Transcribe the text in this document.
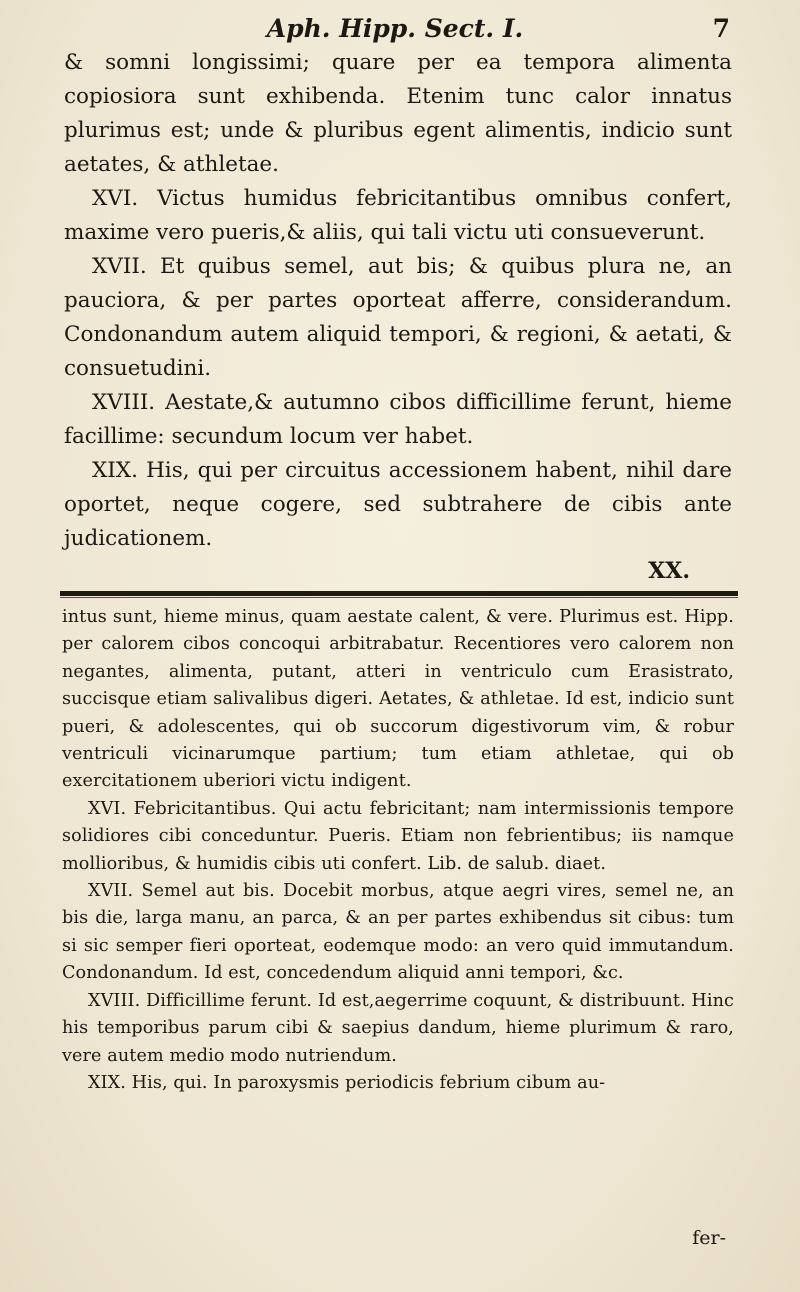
Aph. Hipp. Sect. I.	7

& somni longissimi; quare per ea tempora alimenta copiosiora sunt exhibenda. Etenim tunc calor innatus plurimus est; unde & pluribus egent alimentis, indicio sunt aetates, & athletae.

XVI. Victus humidus febricitantibus omnibus confert, maxime vero pueris,& aliis, qui tali victu uti consueverunt.

XVII. Et quibus semel, aut bis; & quibus plura ne, an pauciora, & per partes oporteat afferre, considerandum. Condonandum autem aliquid tempori, & regioni, & aetati, & consuetudini.

XVIII. Aestate,& autumno cibos difficillime ferunt, hieme facillime: secundum locum ver habet.

XIX. His, qui per circuitus accessionem habent, nihil dare oportet, neque cogere, sed subtrahere de cibis ante judicationem.

XX.

intus sunt, hieme minus, quam aestate calent, & vere. Plurimus est. Hipp. per calorem cibos concoqui arbitrabatur. Recentiores vero calorem non negantes, alimenta, putant, atteri in ventriculo cum Erasistrato, succisque etiam salivalibus digeri. Aetates, & athletae. Id est, indicio sunt pueri, & adolescentes, qui ob succorum digestivorum vim, & robur ventriculi vicinarumque partium; tum etiam athletae, qui ob exercitationem uberiori victu indigent.

XVI. Febricitantibus. Qui actu febricitant; nam intermissionis tempore solidiores cibi conceduntur. Pueris. Etiam non febrientibus; iis namque mollioribus, & humidis cibis uti confert. Lib. de salub. diaet.

XVII. Semel aut bis. Docebit morbus, atque aegri vires, semel ne, an bis die, larga manu, an parca, & an per partes exhibendus sit cibus: tum si sic semper fieri oporteat, eodemque modo: an vero quid immutandum. Condonandum. Id est, concedendum aliquid anni tempori, &c.

XVIII. Difficillime ferunt. Id est,aegerrime coquunt, & distribuunt. Hinc his temporibus parum cibi & saepius dandum, hieme plurimum & raro, vere autem medio modo nutriendum.

XIX. His, qui. In paroxysmis periodicis febrium cibum au-

fer-
